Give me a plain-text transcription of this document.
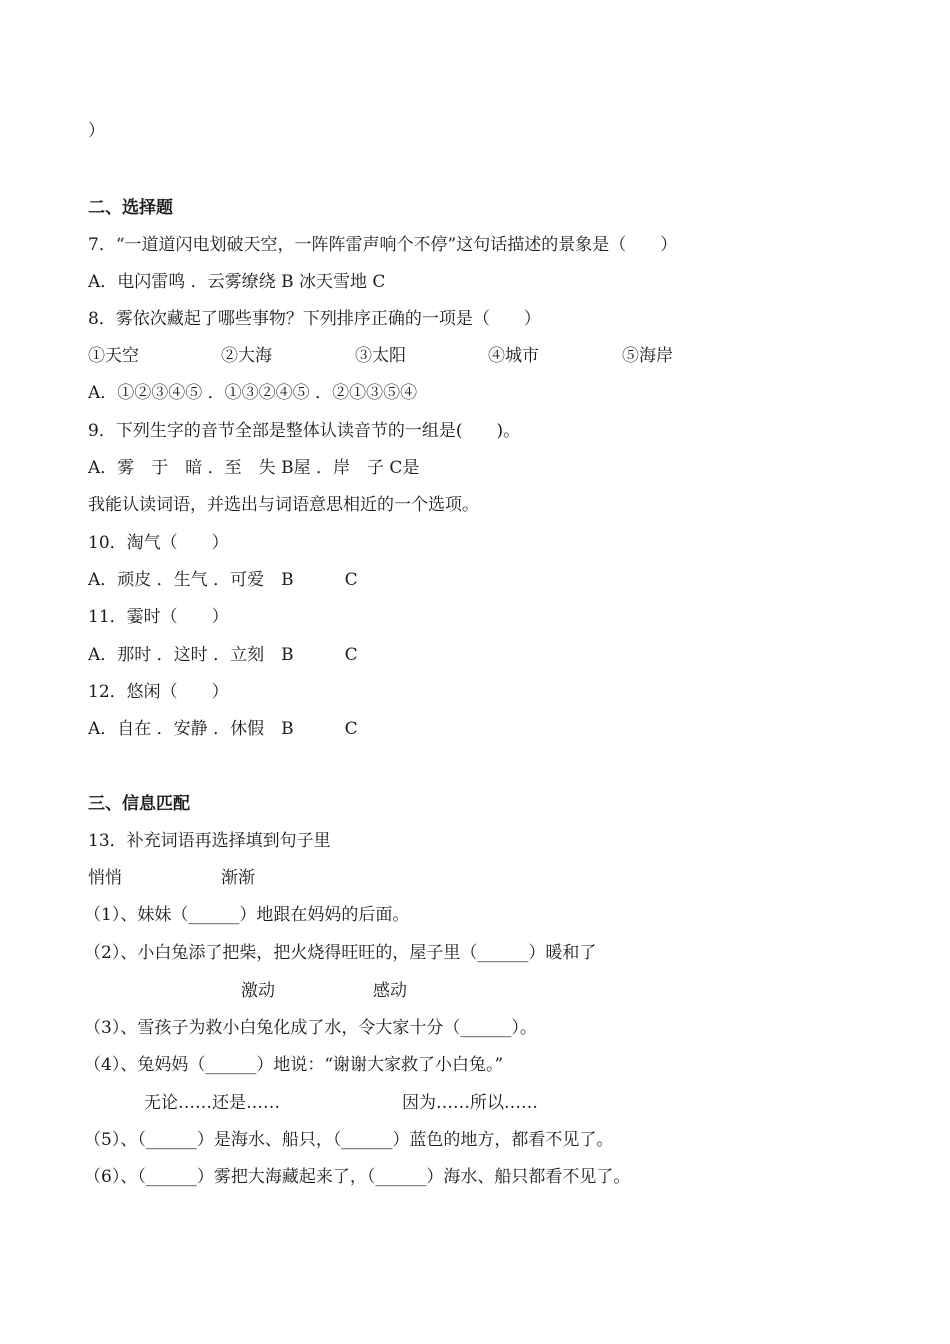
）
二、选择题
7．“一道道闪电划破天空，一阵阵雷声响个不停”这句话描述的景象是（　　）
A．电闪雷鸣 ．云雾缭绕 B 冰天雪地 C
8．雾依次藏起了哪些事物？下列排序正确的一项是（　　）
①天空	②大海	③太阳	④城市	⑤海岸
A．①②③④⑤ ．①③②④⑤ ．②①③⑤④
9．下列生字的音节全部是整体认读音节的一组是(　　)。
A．雾　于　暗 ．至　失 B屋 ．岸　子 C是
我能认读词语，并选出与词语意思相近的一个选项。
10．淘气（　　）
A．顽皮 ．生气 ．可爱　B　　　C
11．霎时（　　）
A．那时 ．这时 ．立刻　B　　　C
12．悠闲（　　）
A．自在 ．安静 ．休假　B　　　C
三、信息匹配
13．补充词语再选择填到句子里
悄悄	渐渐
（1）、妹妹（______）地跟在妈妈的后面。
（2）、小白兔添了把柴，把火烧得旺旺的，屋子里（______）暖和了
激动	感动
（3）、雪孩子为救小白兔化成了水，令大家十分（______）。
（4）、兔妈妈（______）地说：“谢谢大家救了小白兔。”
无论……还是……	因为……所以……
（5）、（______）是海水、船只，（______）蓝色的地方，都看不见了。
（6）、（______）雾把大海藏起来了，（______）海水、船只都看不见了。
